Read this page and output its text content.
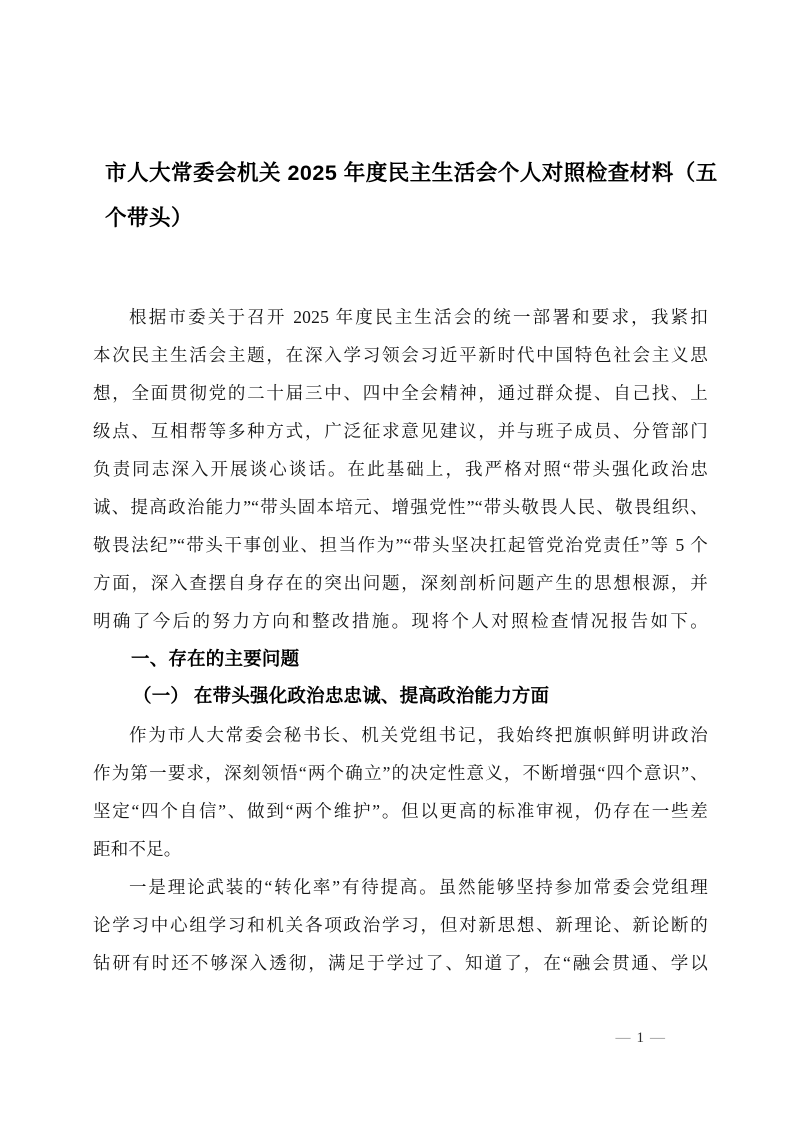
市人大常委会机关 2025 年度民主生活会个人对照检查材料（五
个带头）
根据市委关于召开 2025 年度民主生活会的统一部署和要求，我紧扣
本次民主生活会主题，在深入学习领会习近平新时代中国特色社会主义思
想，全面贯彻党的二十届三中、四中全会精神，通过群众提、自己找、上
级点、互相帮等多种方式，广泛征求意见建议，并与班子成员、分管部门
负责同志深入开展谈心谈话。在此基础上，我严格对照“带头强化政治忠
诚、提高政治能力”“带头固本培元、增强党性”“带头敬畏人民、敬畏组织、
敬畏法纪”“带头干事创业、担当作为”“带头坚决扛起管党治党责任”等 5 个
方面，深入查摆自身存在的突出问题，深刻剖析问题产生的思想根源，并
明确了今后的努力方向和整改措施。现将个人对照检查情况报告如下。
一、存在的主要问题
（一） 在带头强化政治忠忠诚、提高政治能力方面
作为市人大常委会秘书长、机关党组书记，我始终把旗帜鲜明讲政治
作为第一要求，深刻领悟“两个确立”的决定性意义，不断增强“四个意识”、
坚定“四个自信”、做到“两个维护”。但以更高的标准审视，仍存在一些差
距和不足。
一是理论武装的“转化率”有待提高。虽然能够坚持参加常委会党组理
论学习中心组学习和机关各项政治学习，但对新思想、新理论、新论断的
钻研有时还不够深入透彻，满足于学过了、知道了，在“融会贯通、学以
— 1 —
